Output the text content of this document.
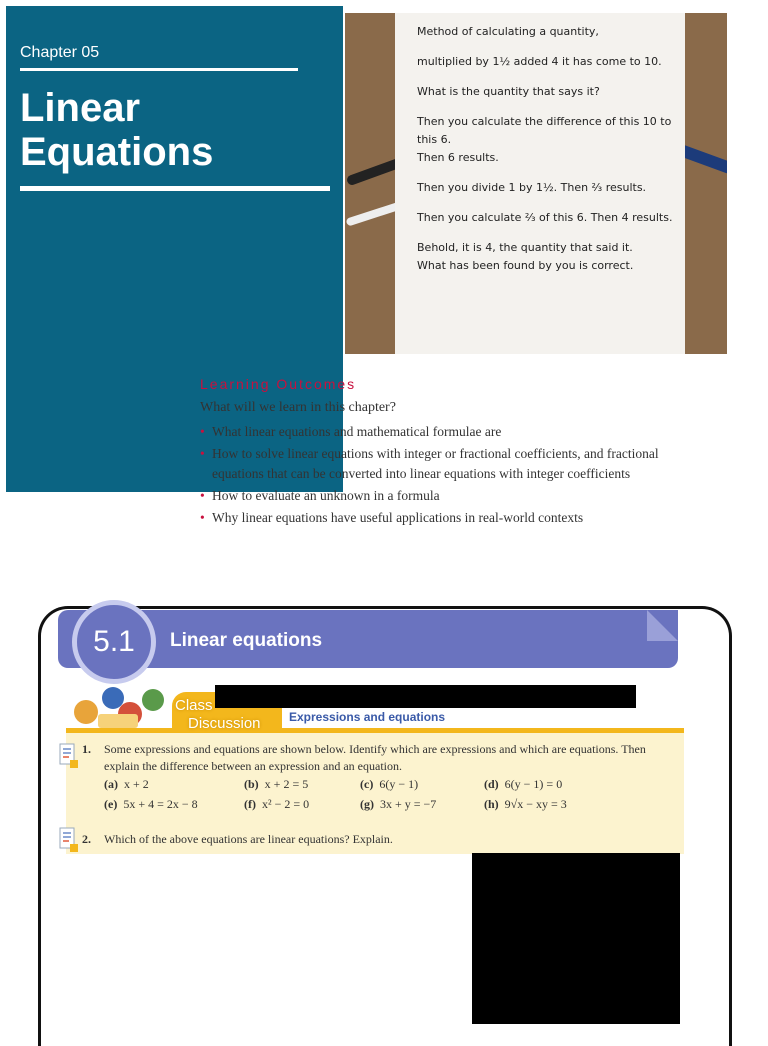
Chapter 05
Linear
Equations

Method of calculating a quantity,

multiplied by 1½ added 4 it has come to 10.

What is the quantity that says it?

Then you calculate the difference of this 10 to this 6.

Then 6 results.

Then you divide 1 by 1½. Then ⅔ results.

Then you calculate ⅔ of this 6. Then 4 results.

Behold, it is 4, the quantity that said it.

What has been found by you is correct.

Learning Outcomes
What will we learn in this chapter?
• What linear equations and mathematical formulae are
• How to solve linear equations with integer or fractional coefficients, and fractional equations that can be converted into linear equations with integer coefficients
• How to evaluate an unknown in a formula
• Why linear equations have useful applications in real-world contexts
5.1	Linear equations
Class
Discussion Expressions and equations
1. Some expressions and equations are shown below. Identify which are expressions and which are equations. Then explain the difference between an expression and an equation.
(a) x + 2	(b) x + 2 = 5	(c) 6(y − 1)	(d) 6(y − 1) = 0
(e) 5x + 4 = 2x − 8	(f) x² − 2 = 0	(g) 3x + y = −7	(h) 9√x − xy = 3
2. Which of the above equations are linear equations? Explain.
